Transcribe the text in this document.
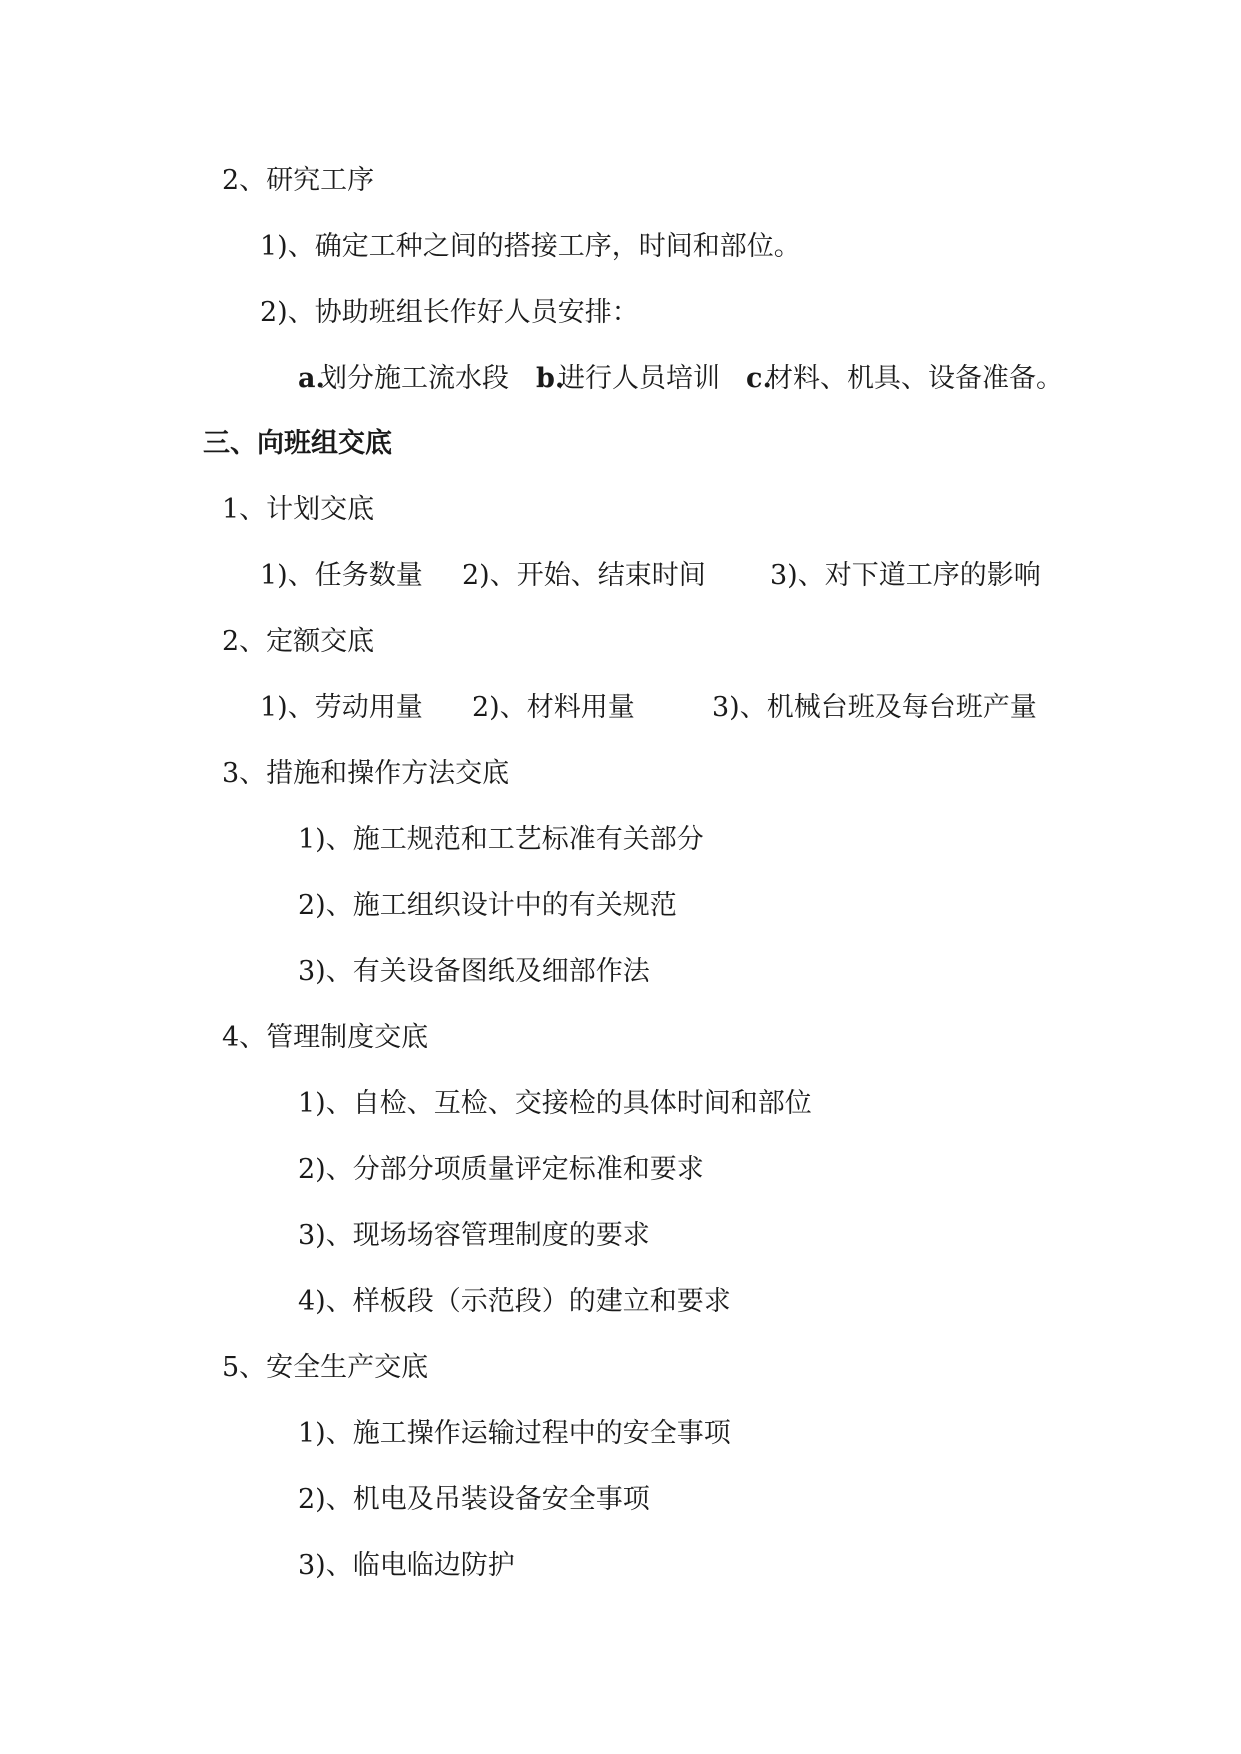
2、研究工序
1)、确定工种之间的搭接工序，时间和部位。
2)、协助班组长作好人员安排：
a.
划分施工流水段 b.
进行人员培训 c.
材料、机具、设备准备。
三、向班组交底
1、计划交底
1)、任务数量 2)、开始、结束时间 3)、对下道工序的影响
2、定额交底
1)、劳动用量 2)、材料用量	3)、机械台班及每台班产量
3、措施和操作方法交底
1)、施工规范和工艺标准有关部分
2)、施工组织设计中的有关规范
3)、有关设备图纸及细部作法
4、管理制度交底
1)、自检、互检、交接检的具体时间和部位
2)、分部分项质量评定标准和要求
3)、现场场容管理制度的要求
4)、样板段（示范段）的建立和要求
5、安全生产交底
1)、施工操作运输过程中的安全事项
2)、机电及吊装设备安全事项
3)、临电临边防护
